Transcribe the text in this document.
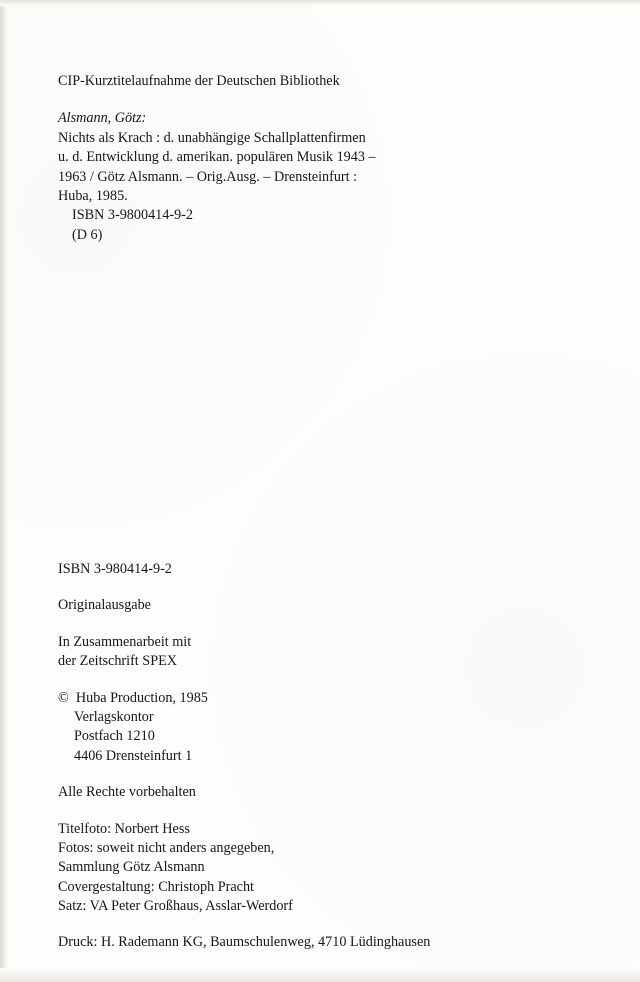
CIP-Kurztitelaufnahme der Deutschen Bibliothek
Alsmann, Götz:
Nichts als Krach : d. unabhängige Schallplattenfirmen
u. d. Entwicklung d. amerikan. populären Musik 1943 –
1963 / Götz Alsmann. – Orig.Ausg. – Drensteinfurt :
Huba, 1985.
ISBN 3-9800414-9-2
(D 6)
ISBN 3-980414-9-2
Originalausgabe
In Zusammenarbeit mit
der Zeitschrift SPEX
©  Huba Production, 1985
Verlagskontor
Postfach 1210
4406 Drensteinfurt 1
Alle Rechte vorbehalten
Titelfoto: Norbert Hess
Fotos: soweit nicht anders angegeben,
Sammlung Götz Alsmann
Covergestaltung: Christoph Pracht
Satz: VA Peter Großhaus, Asslar-Werdorf
Druck: H. Rademann KG, Baumschulenweg, 4710 Lüdinghausen
